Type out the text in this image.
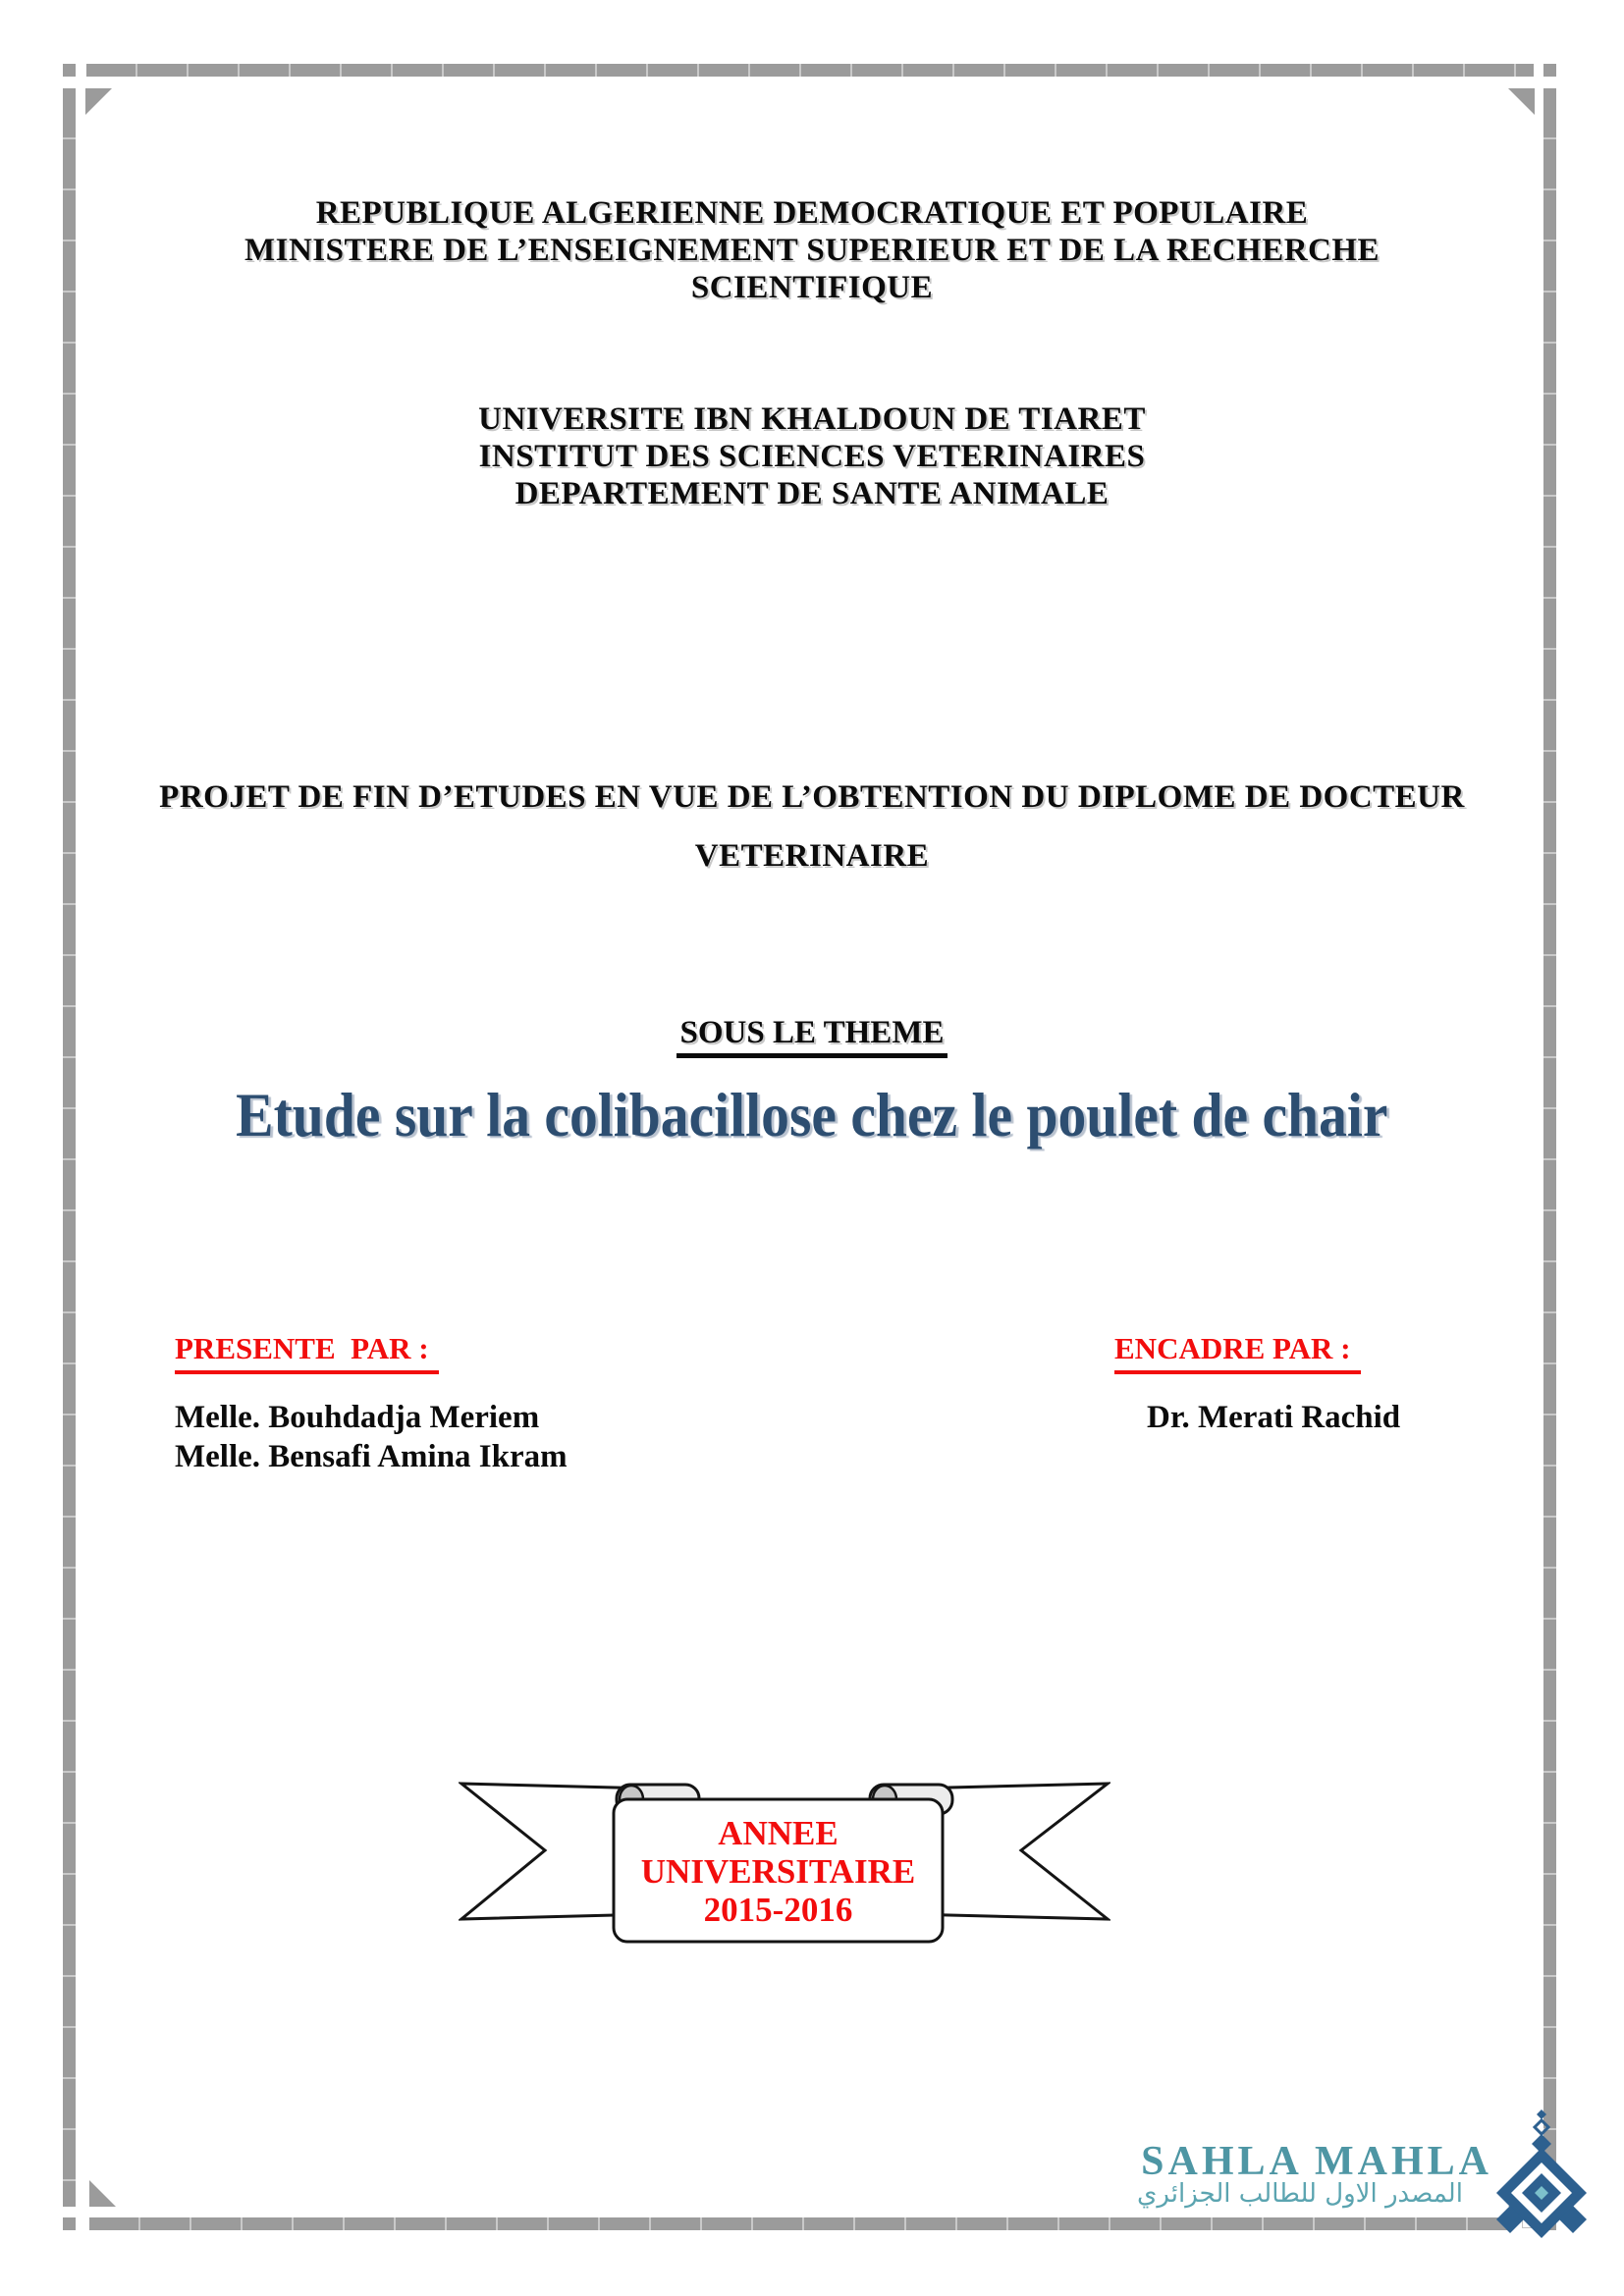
REPUBLIQUE ALGERIENNE DEMOCRATIQUE ET POPULAIRE
MINISTERE DE L’ENSEIGNEMENT SUPERIEUR ET DE LA RECHERCHE
SCIENTIFIQUE
UNIVERSITE IBN KHALDOUN DE TIARET
INSTITUT DES SCIENCES VETERINAIRES
DEPARTEMENT DE SANTE ANIMALE
PROJET DE FIN D’ETUDES EN VUE DE L’OBTENTION DU DIPLOME DE DOCTEUR
VETERINAIRE
SOUS LE THEME
Etude sur la colibacillose chez le poulet de chair
PRESENTE  PAR :	ENCADRE PAR :
Melle. Bouhdadja Meriem
Melle. Bensafi Amina Ikram
Dr. Merati Rachid
ANNEE
UNIVERSITAIRE
2015-2016
SAHLA MAHLA
المصدر الاول للطالب الجزائري
